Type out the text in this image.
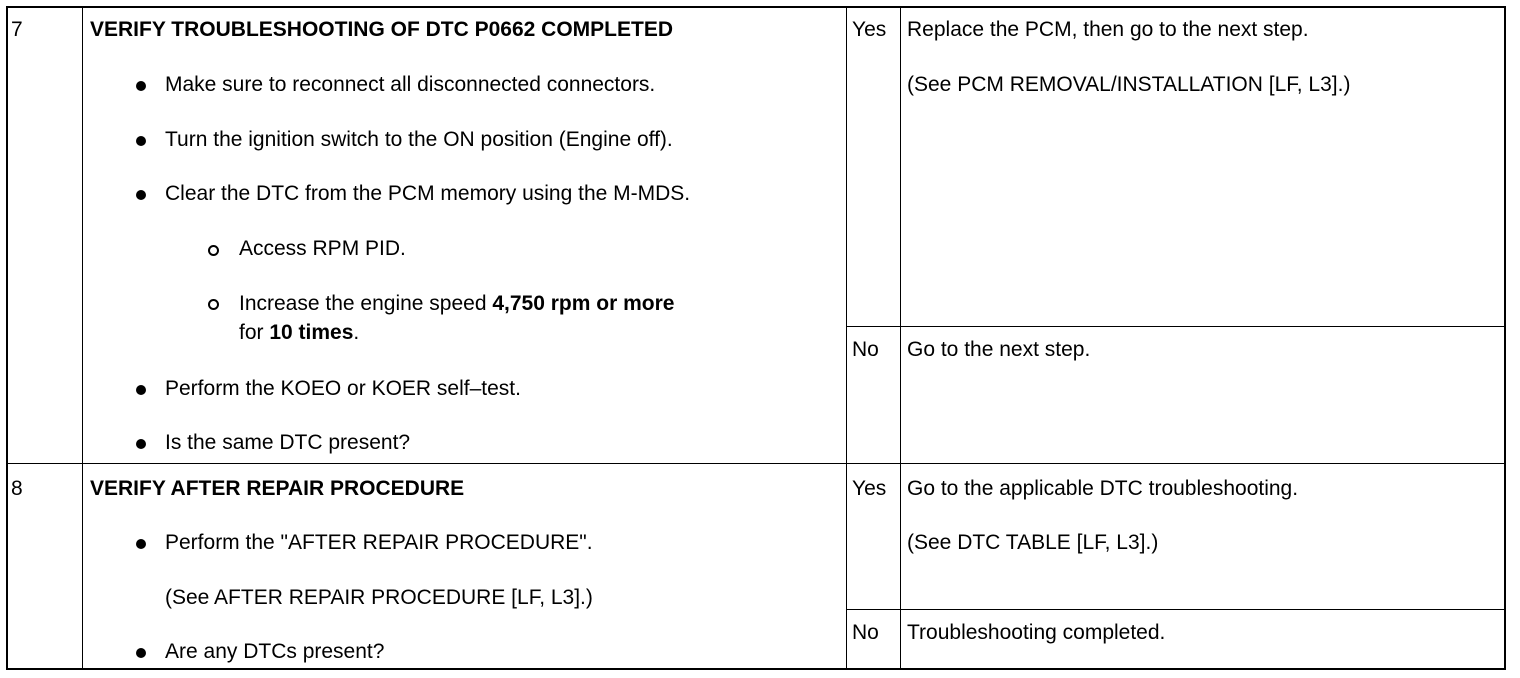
7	VERIFY TROUBLESHOOTING OF DTC P0662 COMPLETED
Make sure to reconnect all disconnected connectors.
Turn the ignition switch to the ON position (Engine off).
Clear the DTC from the PCM memory using the M-MDS.
Access RPM PID.
Increase the engine speed 4,750 rpm or more
for 10 times.
Perform the KOEO or KOER self–test.
Is the same DTC present?
Yes Replace the PCM, then go to the next step.
(See PCM REMOVAL/INSTALLATION [LF, L3].)
No Go to the next step.
8	VERIFY AFTER REPAIR PROCEDURE
Perform the "AFTER REPAIR PROCEDURE".
(See AFTER REPAIR PROCEDURE [LF, L3].)
Are any DTCs present?
Yes Go to the applicable DTC troubleshooting.
(See DTC TABLE [LF, L3].)
No Troubleshooting completed.
